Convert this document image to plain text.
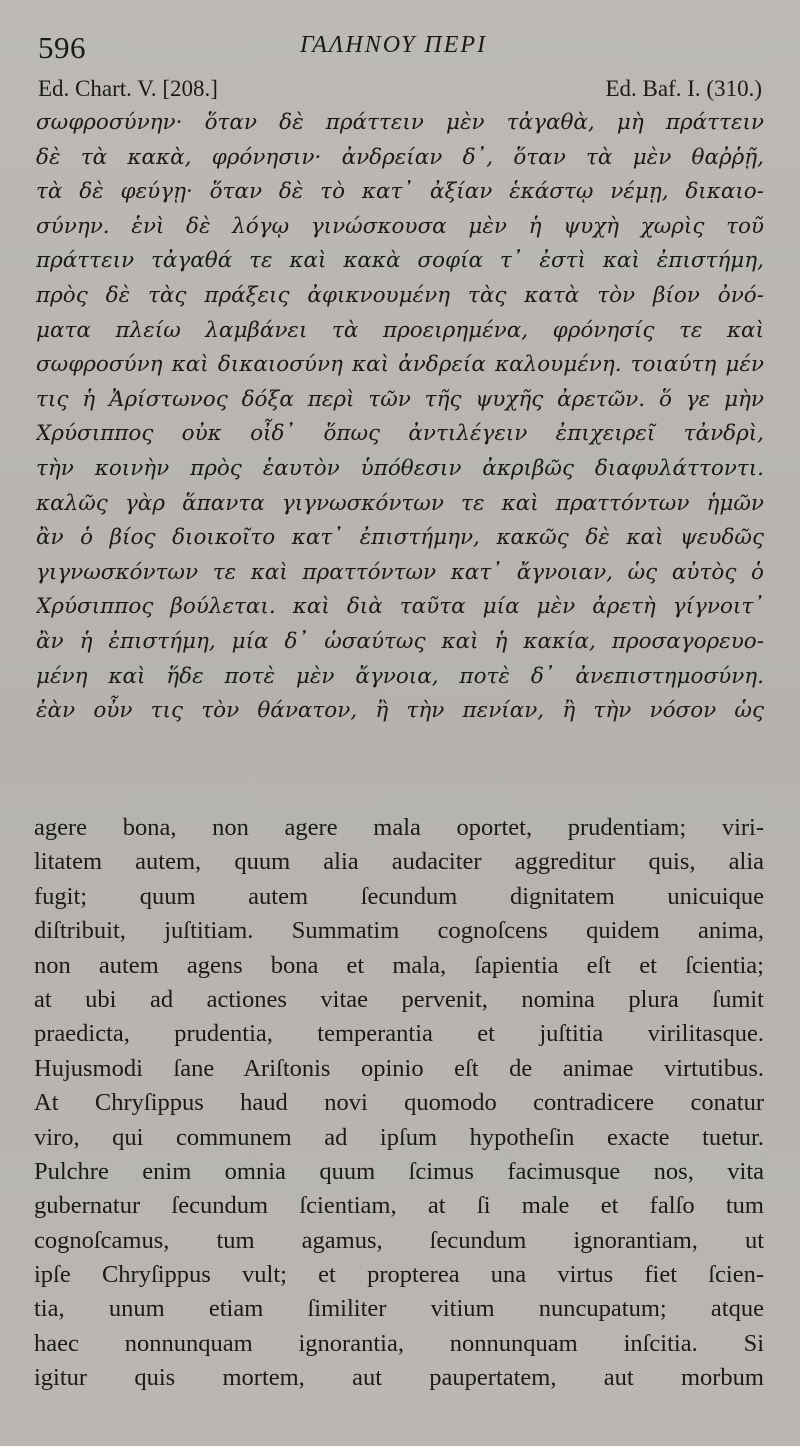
596	ΓΑΛΗΝΟΥ ΠΕΡΙ
Ed. Chart. V. [208.]	Ed. Baf. I. (310.)
σωφροσύνην· ὅταν δὲ πράττειν μὲν τἀγαθὰ, μὴ πράττειν
δὲ τὰ κακὰ, φρόνησιν· ἀνδρείαν δ᾿, ὅταν τὰ μὲν θαῤῥῇ,
τὰ δὲ φεύγῃ· ὅταν δὲ τὸ κατ᾿ ἀξίαν ἑκάστῳ νέμῃ, δικαιο-
σύνην. ἑνὶ δὲ λόγῳ γινώσκουσα μὲν ἡ ψυχὴ χωρὶς τοῦ
πράττειν τἀγαθά τε καὶ κακὰ σοφία τ᾿ ἐστὶ καὶ ἐπιστήμη,
πρὸς δὲ τὰς πράξεις ἀφικνουμένη τὰς κατὰ τὸν βίον ὀνό-
ματα πλείω λαμβάνει τὰ προειρημένα, φρόνησίς τε καὶ
σωφροσύνη καὶ δικαιοσύνη καὶ ἀνδρεία καλουμένη. τοιαύτη μέν
τις ἡ Ἀρίστωνος δόξα περὶ τῶν τῆς ψυχῆς ἀρετῶν. ὅ γε μὴν
Χρύσιππος οὐκ οἶδ᾿ ὅπως ἀντιλέγειν ἐπιχειρεῖ τἀνδρὶ,
τὴν κοινὴν πρὸς ἑαυτὸν ὑπόθεσιν ἀκριβῶς διαφυλάττοντι.
καλῶς γὰρ ἅπαντα γιγνωσκόντων τε καὶ πραττόντων ἡμῶν
ἂν ὁ βίος διοικοῖτο κατ᾿ ἐπιστήμην, κακῶς δὲ καὶ ψευδῶς
γιγνωσκόντων τε καὶ πραττόντων κατ᾿ ἄγνοιαν, ὡς αὐτὸς ὁ
Χρύσιππος βούλεται. καὶ διὰ ταῦτα μία μὲν ἀρετὴ γίγνοιτ᾿
ἂν ἡ ἐπιστήμη, μία δ᾿ ὡσαύτως καὶ ἡ κακία, προσαγορευο-
μένη καὶ ἥδε ποτὲ μὲν ἄγνοια, ποτὲ δ᾿ ἀνεπιστημοσύνη.
ἐὰν οὖν τις τὸν θάνατον, ἢ τὴν πενίαν, ἢ τὴν νόσον ὡς
agere bona, non agere mala oportet, prudentiam; viri-
litatem autem, quum alia audaciter aggreditur quis, alia
fugit; quum autem ſecundum dignitatem unicuique
diſtribuit, juſtitiam. Summatim cognoſcens quidem anima,
non autem agens bona et mala, ſapientia eſt et ſcientia;
at ubi ad actiones vitae pervenit, nomina plura ſumit
praedicta, prudentia, temperantia et juſtitia virilitasque.
Hujusmodi ſane Ariſtonis opinio eſt de animae virtutibus.
At Chryſippus haud novi quomodo contradicere conatur
viro, qui communem ad ipſum hypotheſin exacte tuetur.
Pulchre enim omnia quum ſcimus facimusque nos, vita
gubernatur ſecundum ſcientiam, at ſi male et falſo tum
cognoſcamus, tum agamus, ſecundum ignorantiam, ut
ipſe Chryſippus vult; et propterea una virtus fiet ſcien-
tia, unum etiam ſimiliter vitium nuncupatum; atque
haec nonnunquam ignorantia, nonnunquam inſcitia. Si
igitur quis mortem, aut paupertatem, aut morbum
